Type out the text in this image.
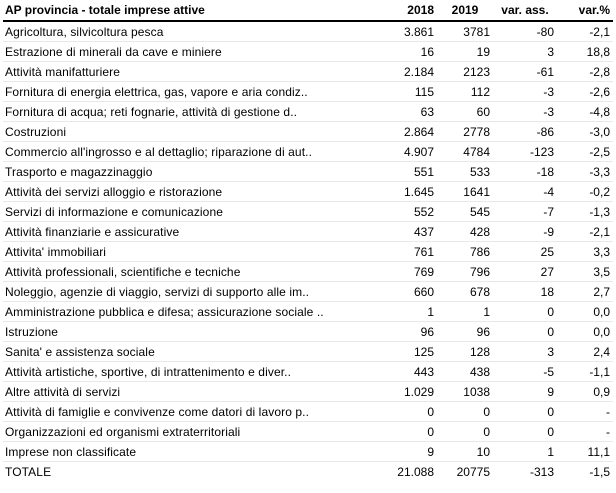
AP provincia - totale imprese attive	2018	2019	var. ass.	var.%
Agricoltura, silvicoltura pesca	3.861	3781	-80	-2,1
Estrazione di minerali da cave e miniere	16	19	3	18,8
Attività manifatturiere	2.184	2123	-61	-2,8
Fornitura di energia elettrica, gas, vapore e aria condiz..	115	112	-3	-2,6
Fornitura di acqua; reti fognarie, attività di gestione d..	63	60	-3	-4,8
Costruzioni	2.864	2778	-86	-3,0
Commercio all'ingrosso e al dettaglio; riparazione di aut..	4.907	4784	-123	-2,5
Trasporto e magazzinaggio	551	533	-18	-3,3
Attività dei servizi alloggio e ristorazione	1.645	1641	-4	-0,2
Servizi di informazione e comunicazione	552	545	-7	-1,3
Attività finanziarie e assicurative	437	428	-9	-2,1
Attivita' immobiliari	761	786	25	3,3
Attività professionali, scientifiche e tecniche	769	796	27	3,5
Noleggio, agenzie di viaggio, servizi di supporto alle im..	660	678	18	2,7
Amministrazione pubblica e difesa; assicurazione sociale ..	1	1	0	0,0
Istruzione	96	96	0	0,0
Sanita' e assistenza sociale	125	128	3	2,4
Attività artistiche, sportive, di intrattenimento e diver..	443	438	-5	-1,1
Altre attività di servizi	1.029	1038	9	0,9
Attività di famiglie e convivenze come datori di lavoro p..	0	0	0	-
Organizzazioni ed organismi extraterritoriali	0	0	0	-
Imprese non classificate	9	10	1	11,1
TOTALE	21.088	20775	-313	-1,5
